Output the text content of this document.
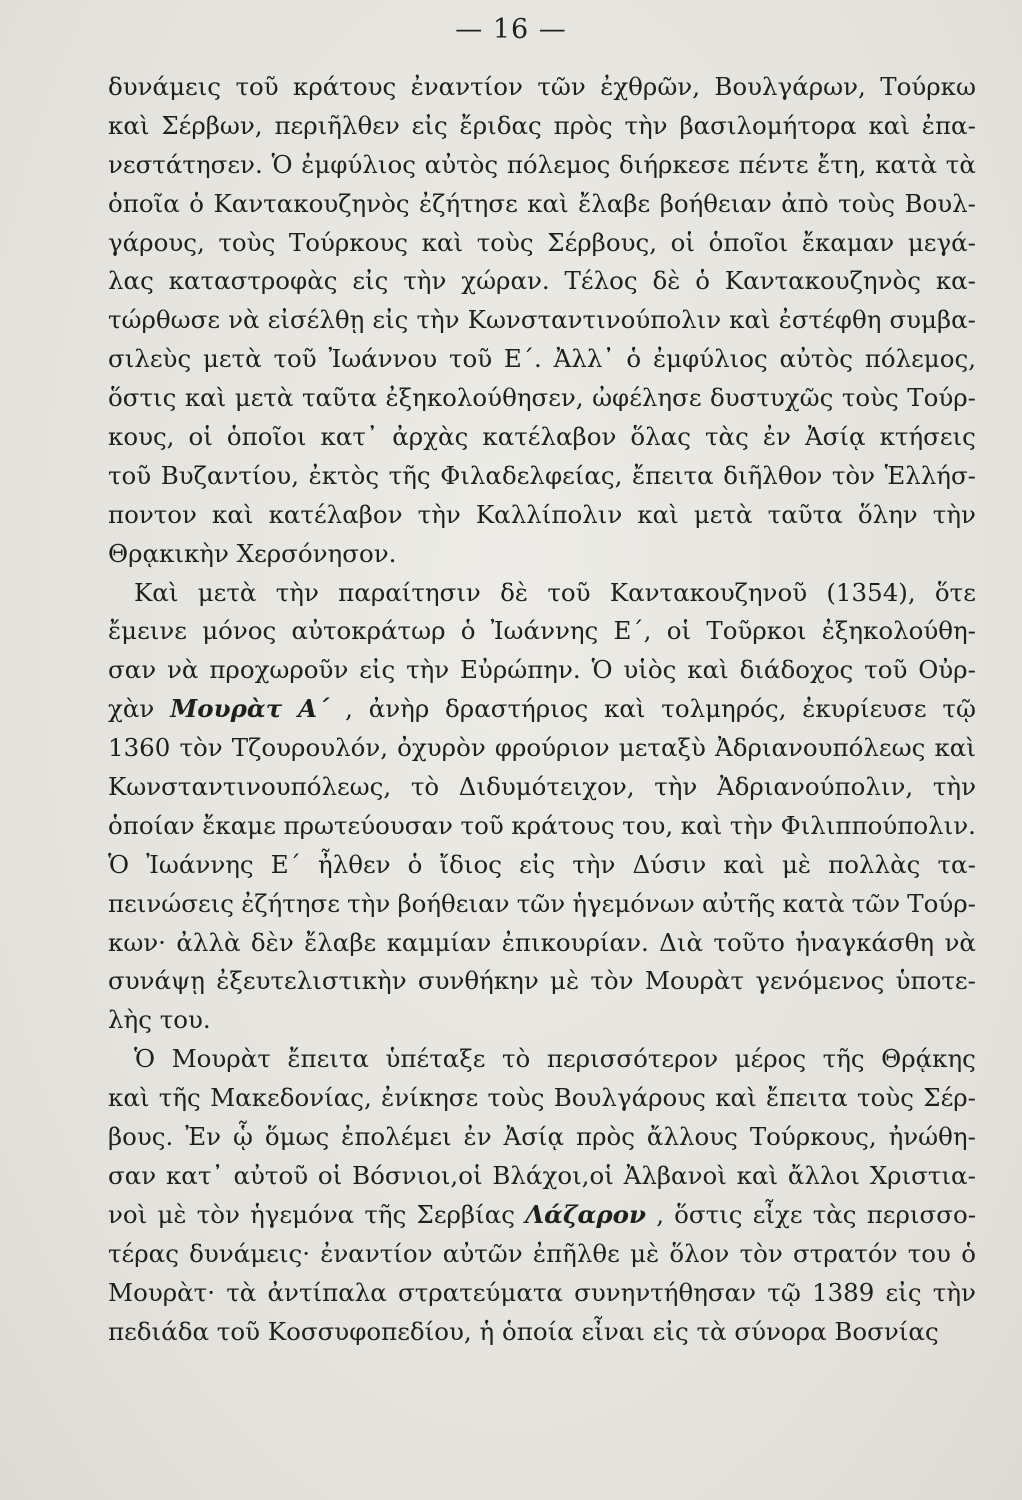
— 16 —
δυνάμεις τοῦ κράτους ἐναντίον τῶν ἐχθρῶν, Βουλγάρων, Τούρκω
καὶ Σέρβων, περιῆλθεν εἰς ἔριδας πρὸς τὴν βασιλομήτορα καὶ ἐπα-
νεστάτησεν. Ὁ ἐμφύλιος αὐτὸς πόλεμος διήρκεσε πέντε ἔτη, κατὰ τὰ
ὁποῖα ὁ Καντακουζηνὸς ἐζήτησε καὶ ἔλαβε βοήθειαν ἀπὸ τοὺς Βουλ-
γάρους, τοὺς Τούρκους καὶ τοὺς Σέρβους, οἱ ὁποῖοι ἔκαμαν μεγά-
λας καταστροφὰς εἰς τὴν χώραν. Τέλος δὲ ὁ Καντακουζηνὸς κα-
τώρθωσε νὰ εἰσέλθῃ εἰς τὴν Κωνσταντινούπολιν καὶ ἐστέφθη συμβα-
σιλεὺς μετὰ τοῦ Ἰωάννου τοῦ Ε΄. Ἀλλ᾽ ὁ ἐμφύλιος αὐτὸς πόλεμος,
ὅστις καὶ μετὰ ταῦτα ἐξηκολούθησεν, ὠφέλησε δυστυχῶς τοὺς Τούρ-
κους, οἱ ὁποῖοι κατ᾽ ἀρχὰς κατέλαβον ὅλας τὰς ἐν Ἀσίᾳ κτήσεις
τοῦ Βυζαντίου, ἐκτὸς τῆς Φιλαδελφείας, ἔπειτα διῆλθον τὸν Ἑλλήσ-
ποντον καὶ κατέλαβον τὴν Καλλίπολιν καὶ μετὰ ταῦτα ὅλην τὴν
Θρᾳκικὴν
Χερσόνησον.
Καὶ μετὰ τὴν παραίτησιν δὲ τοῦ Καντακουζηνοῦ (1354), ὅτε
ἔμεινε μόνος αὐτοκράτωρ ὁ Ἰωάννης Ε΄, οἱ Τοῦρκοι ἐξηκολούθη-
σαν νὰ προχωροῦν εἰς τὴν Εὐρώπην. Ὁ υἱὸς καὶ διάδοχος τοῦ Οὐρ-
χὰν Μουρὰτ Α΄ , ἀνὴρ δραστήριος καὶ τολμηρός, ἐκυρίευσε τῷ
1360 τὸν Τζουρουλόν, ὀχυρὸν φρούριον μεταξὺ Ἀδριανουπόλεως καὶ
Κωνσταντινουπόλεως, τὸ Διδυμότειχον, τὴν Ἀδριανούπολιν, τὴν
ὁποίαν ἔκαμε πρωτεύουσαν τοῦ κράτους του, καὶ τὴν Φιλιππούπολιν.
Ὁ Ἰωάννης Ε΄ ἦλθεν ὁ ἴδιος εἰς τὴν Δύσιν καὶ μὲ πολλὰς τα-
πεινώσεις ἐζήτησε τὴν βοήθειαν τῶν ἡγεμόνων αὐτῆς κατὰ τῶν Τούρ-
κων· ἀλλὰ δὲν ἔλαβε καμμίαν ἐπικουρίαν. Διὰ τοῦτο ἠναγκάσθη νὰ
συνάψῃ ἐξευτελιστικὴν συνθήκην μὲ τὸν Μουρὰτ γενόμενος ὑποτε-
λὴς
του.
Ὁ Μουρὰτ ἔπειτα ὑπέταξε τὸ περισσότερον μέρος τῆς Θρᾴκης
καὶ τῆς Μακεδονίας, ἐνίκησε τοὺς Βουλγάρους καὶ ἔπειτα τοὺς Σέρ-
βους. Ἐν ᾧ ὅμως ἐπολέμει ἐν Ἀσίᾳ πρὸς ἄλλους Τούρκους, ἠνώθη-
σαν κατ᾽ αὐτοῦ οἱ Βόσνιοι,οἱ Βλάχοι,οἱ Ἀλβανοὶ καὶ ἄλλοι Χριστια-
νοὶ μὲ τὸν ἡγεμόνα τῆς Σερβίας Λάζαρον , ὅστις εἶχε τὰς περισσο-
τέρας δυνάμεις· ἐναντίον αὐτῶν ἐπῆλθε μὲ ὅλον τὸν στρατόν του ὁ
Μουρὰτ· τὰ ἀντίπαλα στρατεύματα συνηντήθησαν τῷ 1389 εἰς τὴν
πεδιάδα
τοῦ
Κοσσυφοπεδίου,
ἡ
ὁποία
εἶναι
εἰς
τὰ
σύνορα
Βοσνίας
